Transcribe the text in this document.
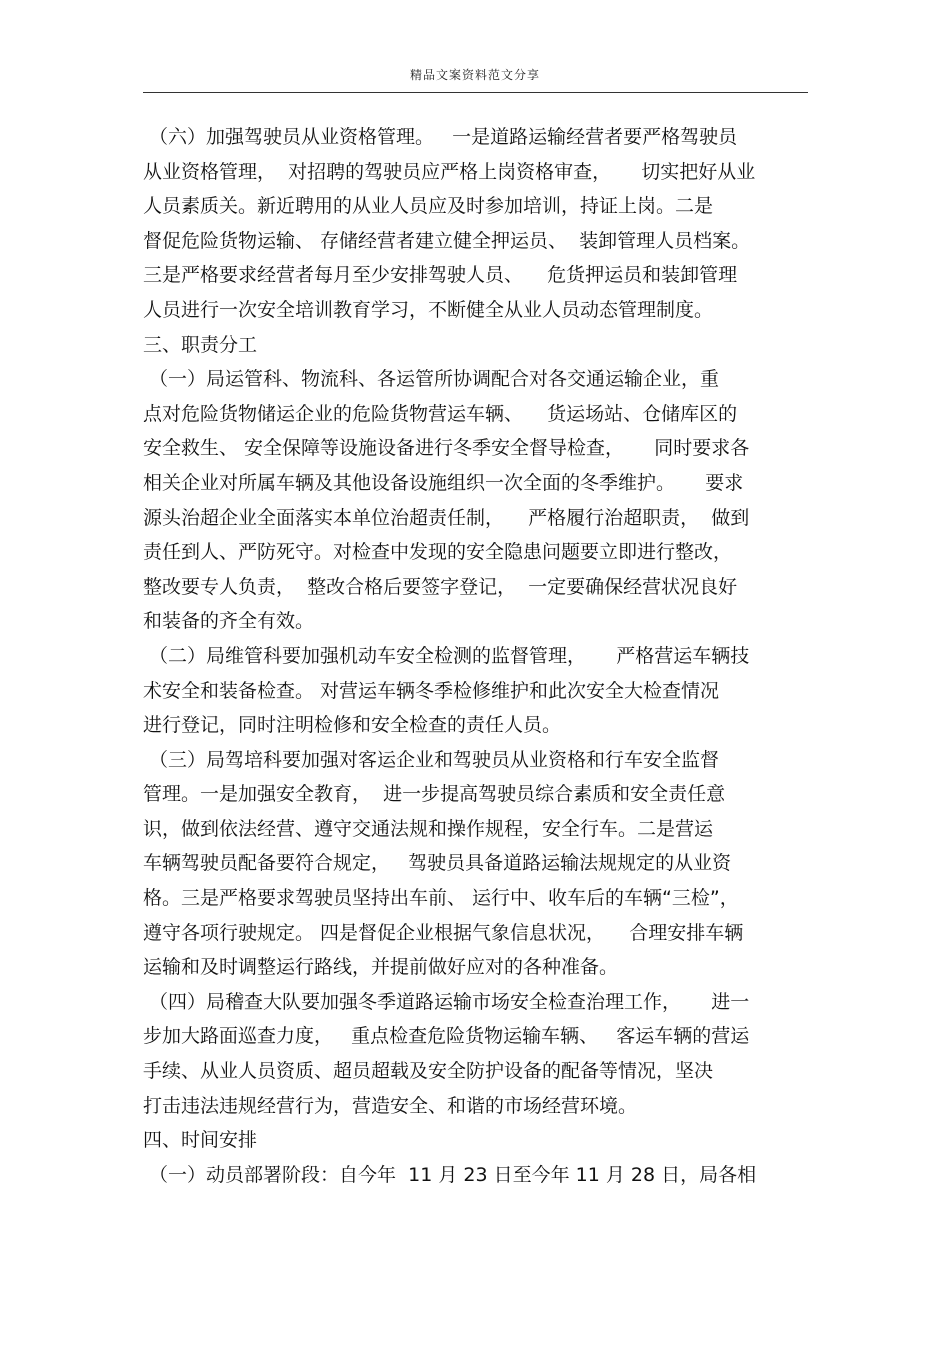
精品文案资料范文分享
（六）加强驾驶员从业资格管理。   一是道路运输经营者要严格驾驶员
从业资格管理，  对招聘的驾驶员应严格上岗资格审查，     切实把好从业
人员素质关。新近聘用的从业人员应及时参加培训，持证上岗。二是
督促危险货物运输、 存储经营者建立健全押运员、  装卸管理人员档案。
三是严格要求经营者每月至少安排驾驶人员、    危货押运员和装卸管理
人员进行一次安全培训教育学习，不断健全从业人员动态管理制度。
三、职责分工
（一）局运管科、物流科、各运管所协调配合对各交通运输企业，重
点对危险货物储运企业的危险货物营运车辆、    货运场站、仓储库区的
安全救生、 安全保障等设施设备进行冬季安全督导检查，     同时要求各
相关企业对所属车辆及其他设备设施组织一次全面的冬季维护。     要求
源头治超企业全面落实本单位治超责任制，    严格履行治超职责，  做到
责任到人、严防死守。对检查中发现的安全隐患问题要立即进行整改，
整改要专人负责，  整改合格后要签字登记，  一定要确保经营状况良好
和装备的齐全有效。
（二）局维管科要加强机动车安全检测的监督管理，     严格营运车辆技
术安全和装备检查。 对营运车辆冬季检修维护和此次安全大检查情况
进行登记，同时注明检修和安全检查的责任人员。
（三）局驾培科要加强对客运企业和驾驶员从业资格和行车安全监督
管理。一是加强安全教育，  进一步提高驾驶员综合素质和安全责任意
识，做到依法经营、遵守交通法规和操作规程，安全行车。二是营运
车辆驾驶员配备要符合规定，   驾驶员具备道路运输法规规定的从业资
格。三是严格要求驾驶员坚持出车前、 运行中、收车后的车辆“三检”，
遵守各项行驶规定。 四是督促企业根据气象信息状况，    合理安排车辆
运输和及时调整运行路线，并提前做好应对的各种准备。
（四）局稽查大队要加强冬季道路运输市场安全检查治理工作，     进一
步加大路面巡查力度，   重点检查危险货物运输车辆、   客运车辆的营运
手续、从业人员资质、超员超载及安全防护设备的配备等情况，坚决
打击违法违规经营行为，营造安全、和谐的市场经营环境。
四、时间安排
（一）动员部署阶段：自今年  11 月 23 日至今年 11 月 28 日，局各相
